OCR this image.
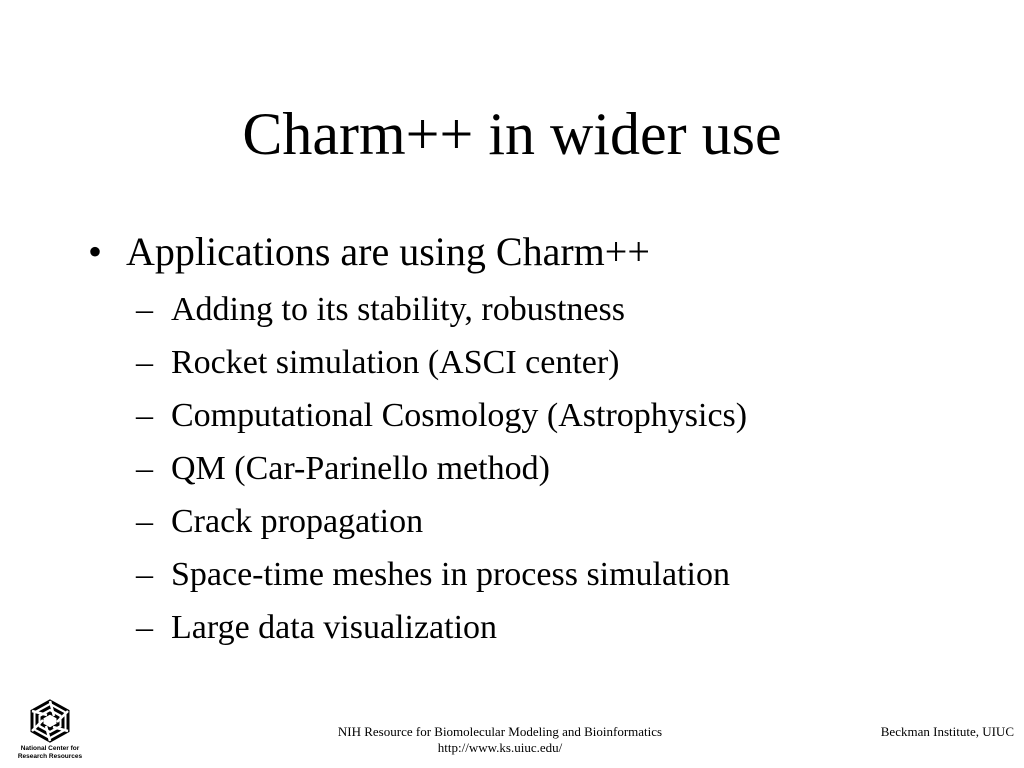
Charm++ in wider use
• Applications are using Charm++
– Adding to its stability, robustness
– Rocket simulation (ASCI center)
– Computational Cosmology (Astrophysics)
– QM (Car-Parinello method)
– Crack propagation
– Space-time meshes in process simulation
– Large data visualization
National Center for
Research Resources
NIH Resource for Biomolecular Modeling and Bioinformatics
http://www.ks.uiuc.edu/
Beckman Institute, UIUC
